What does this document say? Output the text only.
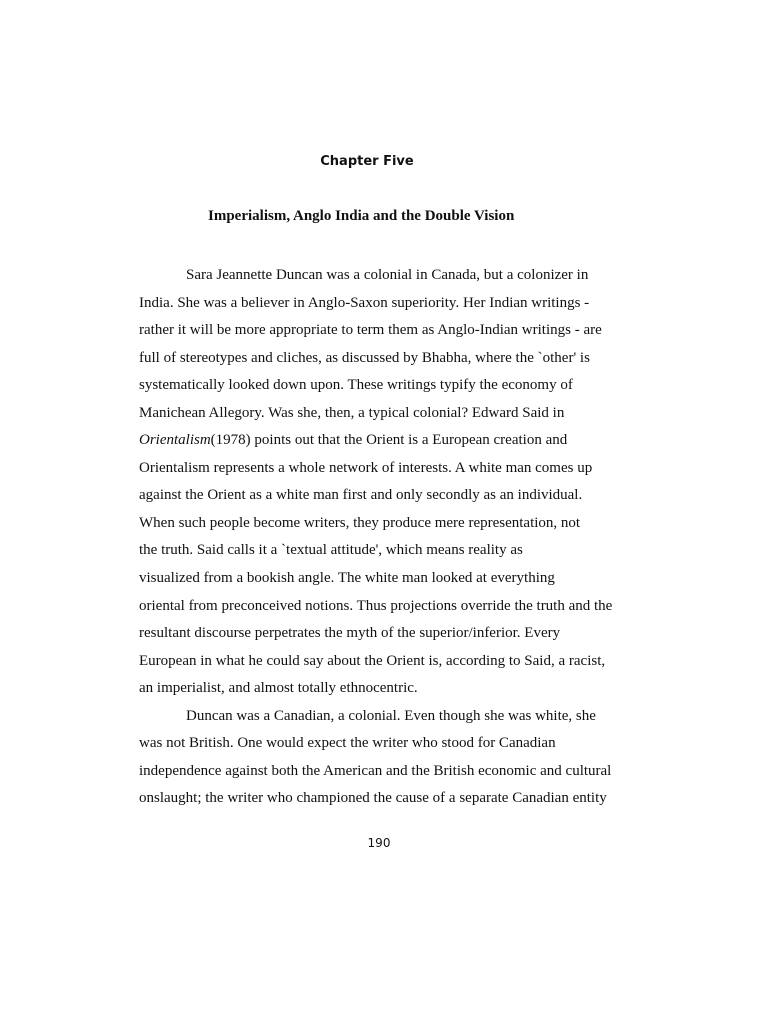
Chapter Five
Imperialism, Anglo India and the Double Vision
Sara Jeannette Duncan was a colonial in Canada, but a colonizer in
India. She was a believer in Anglo-Saxon superiority. Her Indian writings -
rather it will be more appropriate to term them as Anglo-Indian writings - are
full of stereotypes and cliches, as discussed by Bhabha, where the `other' is
systematically looked down upon. These writings typify the economy of
Manichean Allegory. Was she, then, a typical colonial? Edward Said in
Orientalism(1978) points out that the Orient is a European creation and
Orientalism represents a whole network of interests. A white man comes up
against the Orient as a white man first and only secondly as an individual.
When such people become writers, they produce mere representation, not
the truth. Said calls it a `textual attitude', which means reality as
visualized from a bookish angle. The white man looked at everything
oriental from preconceived notions. Thus projections override the truth and the
resultant discourse perpetrates the myth of the superior/inferior. Every
European in what he could say about the Orient is, according to Said, a racist,
an imperialist, and almost totally ethnocentric.
Duncan was a Canadian, a colonial. Even though she was white, she
was not British. One would expect the writer who stood for Canadian
independence against both the American and the British economic and cultural
onslaught; the writer who championed the cause of a separate Canadian entity
190
